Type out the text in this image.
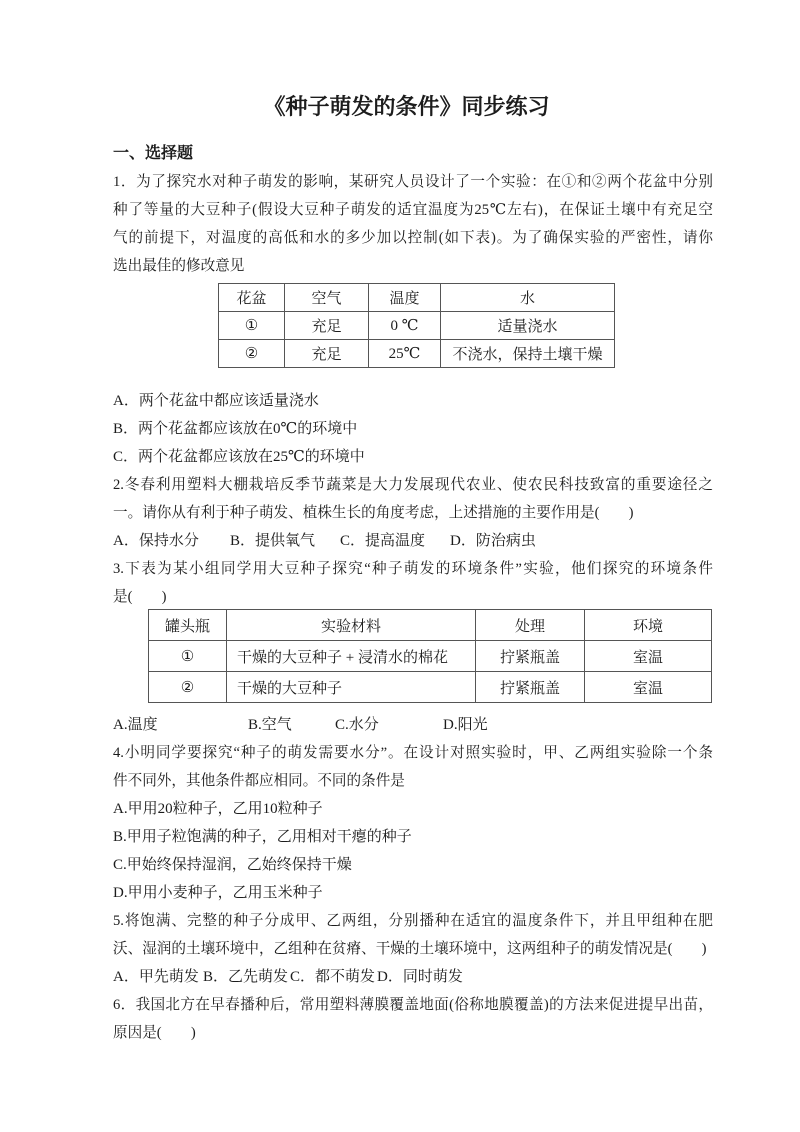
《种子萌发的条件》同步练习
一、选择题
1．为了探究水对种子萌发的影响，某研究人员设计了一个实验：在①和②两个花盆中分别
种了等量的大豆种子(假设大豆种子萌发的适宜温度为25℃左右)，在保证土壤中有充足空
气的前提下，对温度的高低和水的多少加以控制(如下表)。为了确保实验的严密性，请你
选出最佳的修改意见
花盆	空气	温度	水
①	充足	0 ℃	适量浇水
②	充足	25℃	不浇水，保持土壤干燥
A．两个花盆中都应该适量浇水
B．两个花盆都应该放在0℃的环境中
C．两个花盆都应该放在25℃的环境中
2.冬春利用塑料大棚栽培反季节蔬菜是大力发展现代农业、使农民科技致富的重要途径之
一。请你从有利于种子萌发、植株生长的角度考虑，上述措施的主要作用是(　　)
A．保持水分	B．提供氧气	C．提高温度	D．防治病虫
3.下表为某小组同学用大豆种子探究“种子萌发的环境条件”实验，他们探究的环境条件
是(　　)
罐头瓶	实验材料	处理	环境
①	干燥的大豆种子 + 浸清水的棉花	拧紧瓶盖	室温
②	干燥的大豆种子	拧紧瓶盖	室温
A.温度	B.空气	C.水分	D.阳光
4.小明同学要探究“种子的萌发需要水分”。在设计对照实验时，甲、乙两组实验除一个条
件不同外，其他条件都应相同。不同的条件是
A.甲用20粒种子，乙用10粒种子
B.甲用子粒饱满的种子，乙用相对干瘪的种子
C.甲始终保持湿润，乙始终保持干燥
D.甲用小麦种子，乙用玉米种子
5.将饱满、完整的种子分成甲、乙两组，分别播种在适宜的温度条件下，并且甲组种在肥
沃、湿润的土壤环境中，乙组种在贫瘠、干燥的土壤环境中，这两组种子的萌发情况是(　　)
A．甲先萌发 B．乙先萌发 C．都不萌发 D．同时萌发
6．我国北方在早春播种后，常用塑料薄膜覆盖地面(俗称地膜覆盖)的方法来促进提早出苗，
原因是(　　)
